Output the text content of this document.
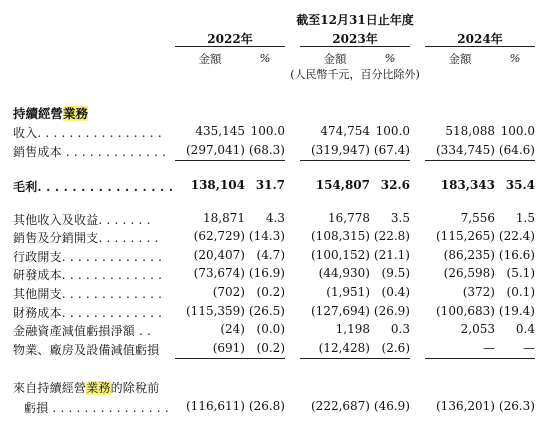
截至12月31日止年度
2022年	2023年	2024年
金額	%	金額	%	金額	%
(人民幣千元，百分比除外)
持續經營業務
收入. . . . . . . . . . . . . . . .	435,145 100.0	474,754 100.0	518,088 100.0
銷售成本 . . . . . . . . . . . . .	(297,041) (68.3)	(319,947) (67.4)	(334,745) (64.6)
毛利. . . . . . . . . . . . . . . .	138,104 31.7	154,807 32.6	183,343 35.4
其他收入及收益. . . . . . .	18,871	4.3	16,778	3.5	7,556	1.5
銷售及分銷開支. . . . . . . .	(62,729) (14.3)	(108,315) (22.8)	(115,265) (22.4)
行政開支. . . . . . . . . . . . .	(20,407) (4.7)	(100,152) (21.1)	(86,235) (16.6)
研發成本. . . . . . . . . . . . .	(73,674) (16.9)	(44,930) (9.5)	(26,598) (5.1)
其他開支. . . . . . . . . . . . .	(702) (0.2)	(1,951) (0.4)	(372) (0.1)
財務成本. . . . . . . . . . . . .	(115,359) (26.5)	(127,694) (26.9)	(100,683) (19.4)
金融資產減值虧損淨額 . .	(24) (0.0)	1,198	0.3	2,053	0.4
物業、廠房及設備減值虧損	(691) (0.2)	(12,428) (2.6)	—	—
來自持續經營業務的除稅前
虧損 . . . . . . . . . . . . . . .	(116,611) (26.8)	(222,687) (46.9)	(136,201) (26.3)
